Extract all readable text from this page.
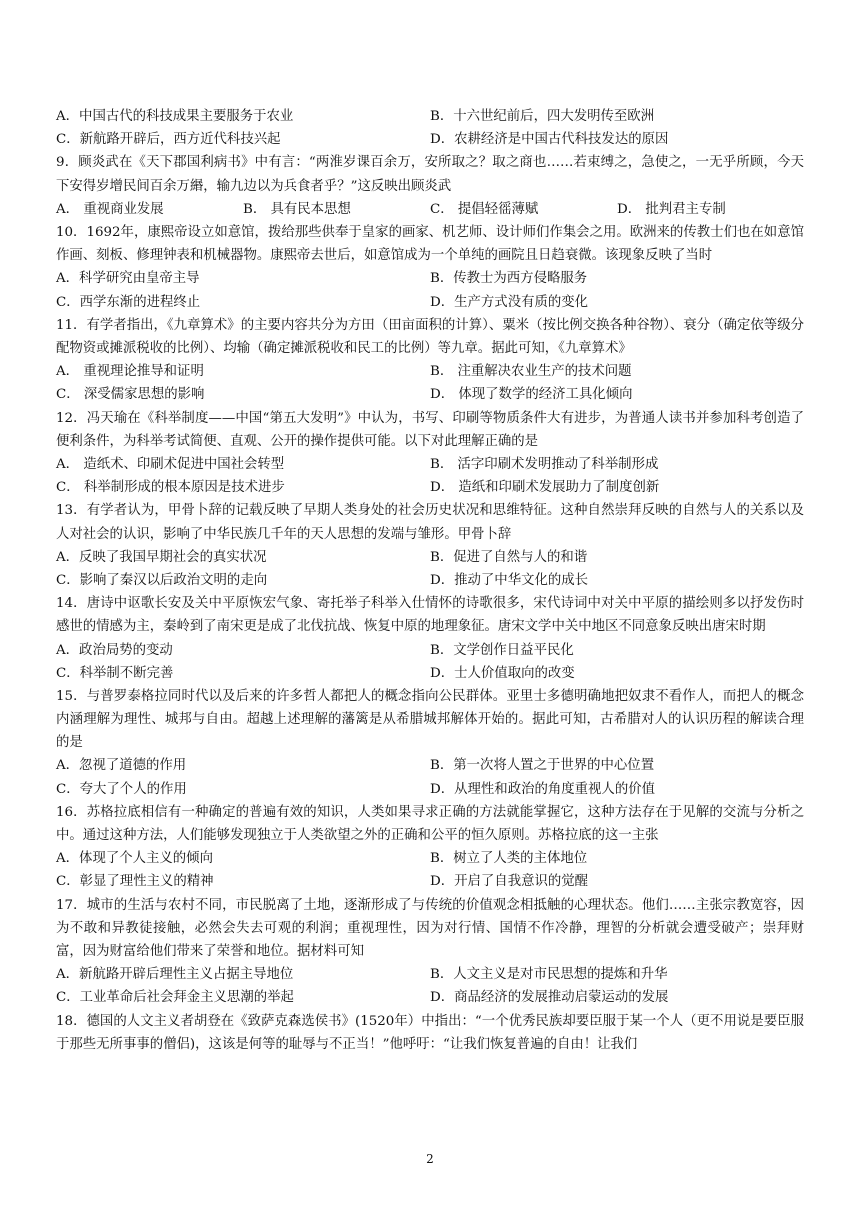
A．中国古代的科技成果主要服务于农业	B．十六世纪前后，四大发明传至欧洲
C．新航路开辟后，西方近代科技兴起	D．农耕经济是中国古代科技发达的原因
9．顾炎武在《天下郡国利病书》中有言：“两淮岁课百余万，安所取之？取之商也……若束缚之，急使之，一无乎所顾，今天下安得岁增民间百余万緡，输九边以为兵食者乎？”这反映出顾炎武
A． 重视商业发展	B． 具有民本思想	C． 提倡轻徭薄赋	D． 批判君主专制
10．1692年，康熙帝设立如意馆，拨给那些供奉于皇家的画家、机艺师、设计师们作集会之用。欧洲来的传教士们也在如意馆作画、刻板、修理钟表和机械器物。康熙帝去世后，如意馆成为一个单纯的画院且日趋衰微。该现象反映了当时
A．科学研究由皇帝主导	B．传教士为西方侵略服务
C．西学东渐的进程终止	D．生产方式没有质的变化
11．有学者指出，《九章算术》的主要内容共分为方田（田亩面积的计算）、粟米（按比例交换各种谷物）、衰分（确定依等级分配物资或摊派税收的比例）、均输（确定摊派税收和民工的比例）等九章。据此可知，《九章算术》
A． 重视理论推导和证明	B． 注重解决农业生产的技术问题
C． 深受儒家思想的影响	D． 体现了数学的经济工具化倾向
12．冯天瑜在《科举制度——中国“第五大发明”》中认为，书写、印刷等物质条件大有进步，为普通人读书并参加科考创造了便利条件，为科举考试简便、直观、公开的操作提供可能。以下对此理解正确的是
A． 造纸术、印刷术促进中国社会转型	B． 活字印刷术发明推动了科举制形成
C． 科举制形成的根本原因是技术进步	D． 造纸和印刷术发展助力了制度创新
13．有学者认为，甲骨卜辞的记载反映了早期人类身处的社会历史状况和思维特征。这种自然崇拜反映的自然与人的关系以及人对社会的认识，影响了中华民族几千年的天人思想的发端与雏形。甲骨卜辞
A．反映了我国早期社会的真实状况	B．促进了自然与人的和谐
C．影响了秦汉以后政治文明的走向	D．推动了中华文化的成长
14．唐诗中讴歌长安及关中平原恢宏气象、寄托举子科举入仕情怀的诗歌很多，宋代诗词中对关中平原的描绘则多以抒发伤时感世的情感为主，秦岭到了南宋更是成了北伐抗战、恢复中原的地理象征。唐宋文学中关中地区不同意象反映出唐宋时期
A．政治局势的变动	B．文学创作日益平民化
C．科举制不断完善	D．士人价值取向的改变
15．与普罗泰格拉同时代以及后来的许多哲人都把人的概念指向公民群体。亚里士多德明确地把奴隶不看作人，而把人的概念内涵理解为理性、城邦与自由。超越上述理解的藩篱是从希腊城邦解体开始的。据此可知，古希腊对人的认识历程的解读合理的是
A．忽视了道德的作用	B．第一次将人置之于世界的中心位置
C．夸大了个人的作用	D．从理性和政治的角度重视人的价值
16．苏格拉底相信有一种确定的普遍有效的知识，人类如果寻求正确的方法就能掌握它，这种方法存在于见解的交流与分析之中。通过这种方法，人们能够发现独立于人类欲望之外的正确和公平的恒久原则。苏格拉底的这一主张
A．体现了个人主义的倾向	B．树立了人类的主体地位
C．彰显了理性主义的精神	D．开启了自我意识的觉醒
17．城市的生活与农村不同，市民脱离了土地，逐渐形成了与传统的价值观念相抵触的心理状态。他们……主张宗教宽容，因为不敢和异教徒接触，必然会失去可观的利润；重视理性，因为对行情、国情不作冷静，理智的分析就会遭受破产；崇拜财富，因为财富给他们带来了荣誉和地位。据材料可知
A．新航路开辟后理性主义占据主导地位	B．人文主义是对市民思想的提炼和升华
C．工业革命后社会拜金主义思潮的举起	D．商品经济的发展推动启蒙运动的发展
18．德国的人文主义者胡登在《致萨克森选侯书》(1520年）中指出：“一个优秀民族却要臣服于某一个人（更不用说是要臣服于那些无所事事的僧侣)，这该是何等的耻辱与不正当！”他呼吁：“让我们恢复普遍的自由！让我们
2
